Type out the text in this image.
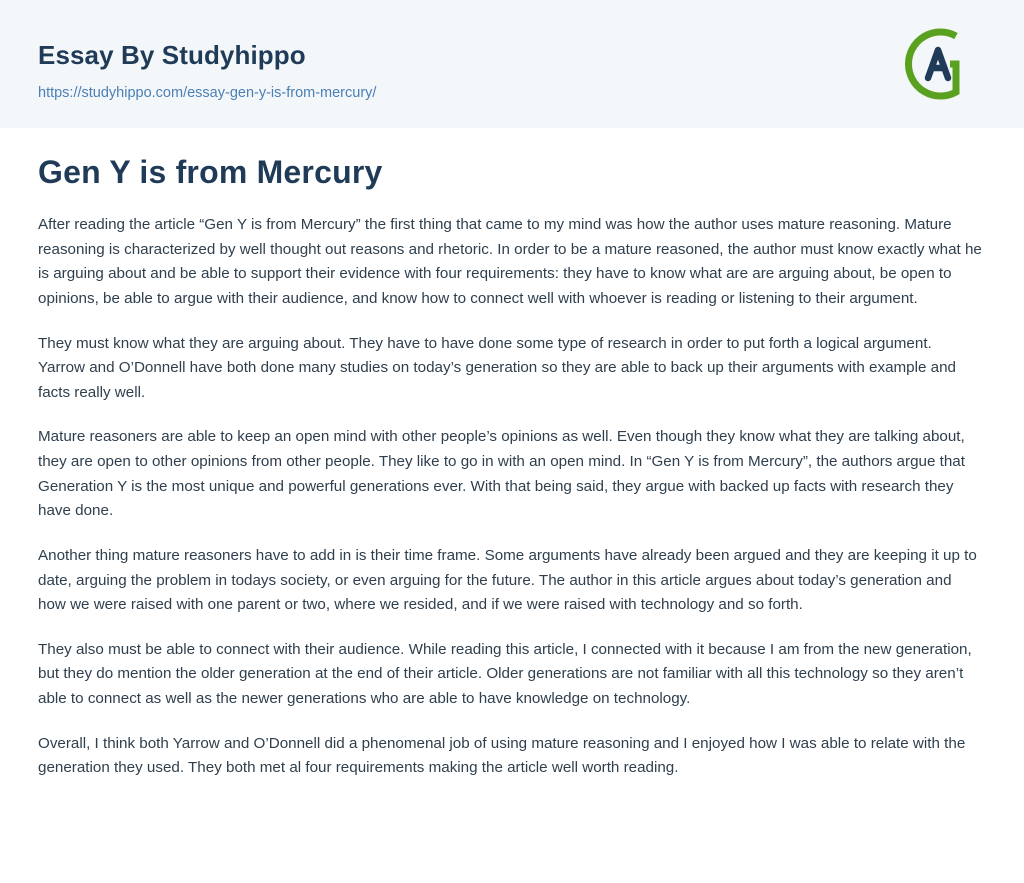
Essay By Studyhippo
https://studyhippo.com/essay-gen-y-is-from-mercury/
Gen Y is from Mercury

After reading the article “Gen Y is from Mercury” the first thing that came to my mind was how the author uses mature reasoning. Mature reasoning is characterized by well thought out reasons and rhetoric. In order to be a mature reasoned, the author must know exactly what he is arguing about and be able to support their evidence with four requirements: they have to know what are are arguing about, be open to opinions, be able to argue with their audience, and know how to connect well with whoever is reading or listening to their argument.

They must know what they are arguing about. They have to have done some type of research in order to put forth a logical argument. Yarrow and O’Donnell have both done many studies on today’s generation so they are able to back up their arguments with example and facts really well.

Mature reasoners are able to keep an open mind with other people’s opinions as well. Even though they know what they are talking about, they are open to other opinions from other people. They like to go in with an open mind. In “Gen Y is from Mercury”, the authors argue that Generation Y is the most unique and powerful generations ever. With that being said, they argue with backed up facts with research they have done.

Another thing mature reasoners have to add in is their time frame. Some arguments have already been argued and they are keeping it up to date, arguing the problem in todays society, or even arguing for the future. The author in this article argues about today’s generation and how we were raised with one parent or two, where we resided, and if we were raised with technology and so forth.

They also must be able to connect with their audience. While reading this article, I connected with it because I am from the new generation, but they do mention the older generation at the end of their article. Older generations are not familiar with all this technology so they aren’t able to connect as well as the newer generations who are able to have knowledge on technology.

Overall, I think both Yarrow and O’Donnell did a phenomenal job of using mature reasoning and I enjoyed how I was able to relate with the generation they used. They both met al four requirements making the article well worth reading.
